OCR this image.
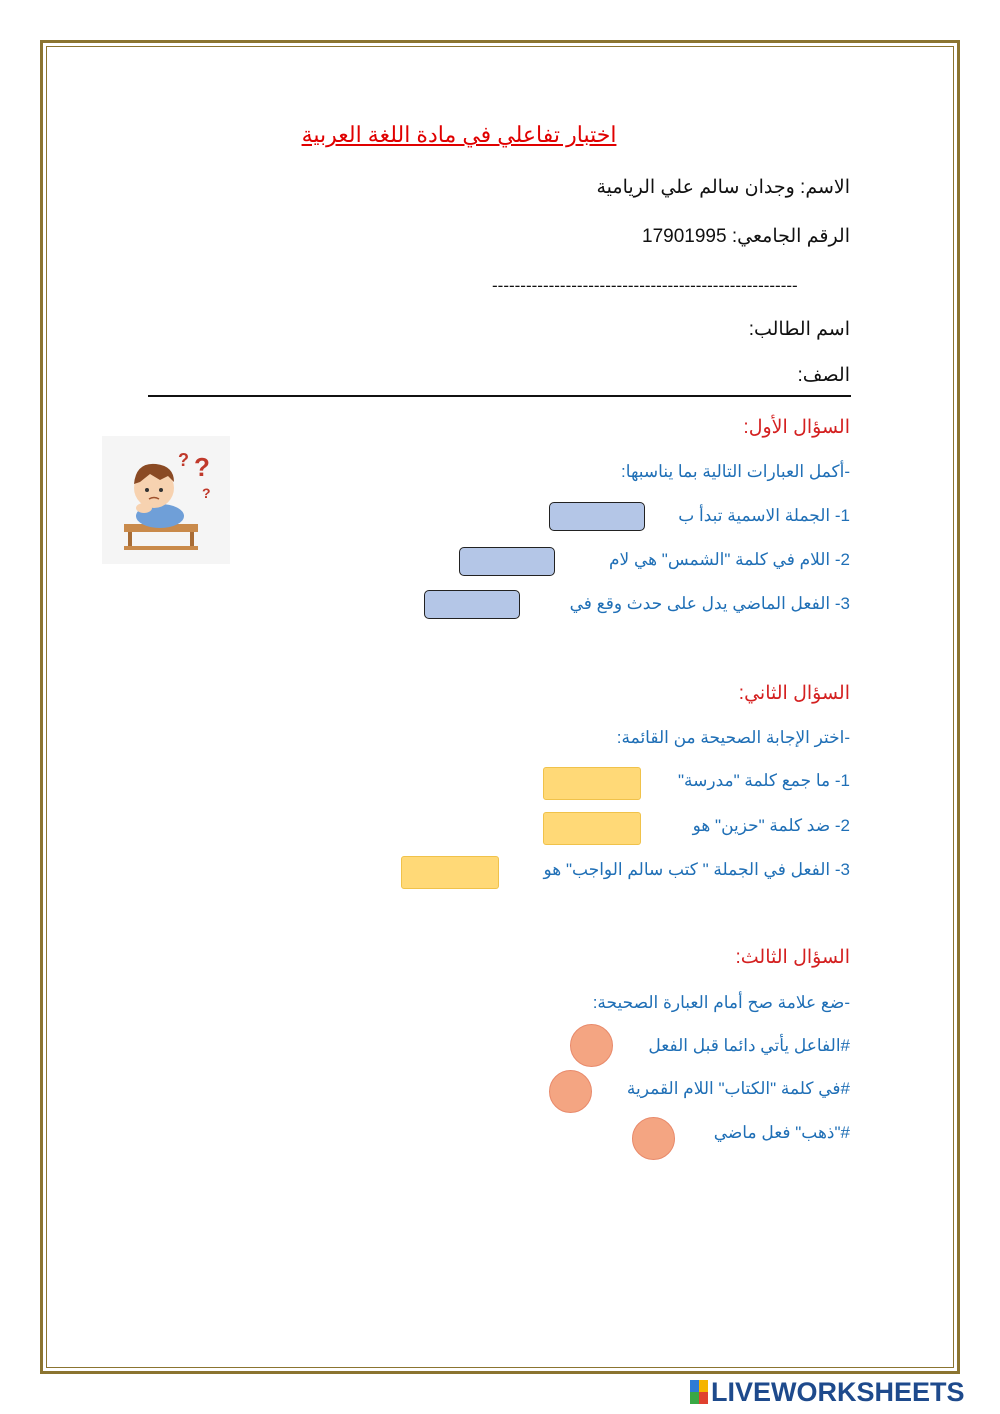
اختبار تفاعلي في مادة اللغة العربية
الاسم: وجدان سالم علي الريامية
الرقم الجامعي: 17901995
------------------------------------------------------
اسم الطالب:
الصف:
السؤال الأول:
-أكمل العبارات التالية بما يناسبها:
?
?
?
1- الجملة الاسمية تبدأ ب
2- اللام في كلمة "الشمس" هي لام
3- الفعل الماضي يدل على حدث وقع في
السؤال الثاني:
-اختر الإجابة الصحيحة من القائمة:
1- ما جمع كلمة "مدرسة"
2- ضد كلمة "حزين" هو
3- الفعل في الجملة " كتب سالم الواجب" هو
السؤال الثالث:
-ضع علامة صح أمام العبارة الصحيحة:
#الفاعل يأتي دائما قبل الفعل
#في كلمة "الكتاب" اللام القمرية
#"ذهب" فعل ماضي
LIVEWORKSHEETS
